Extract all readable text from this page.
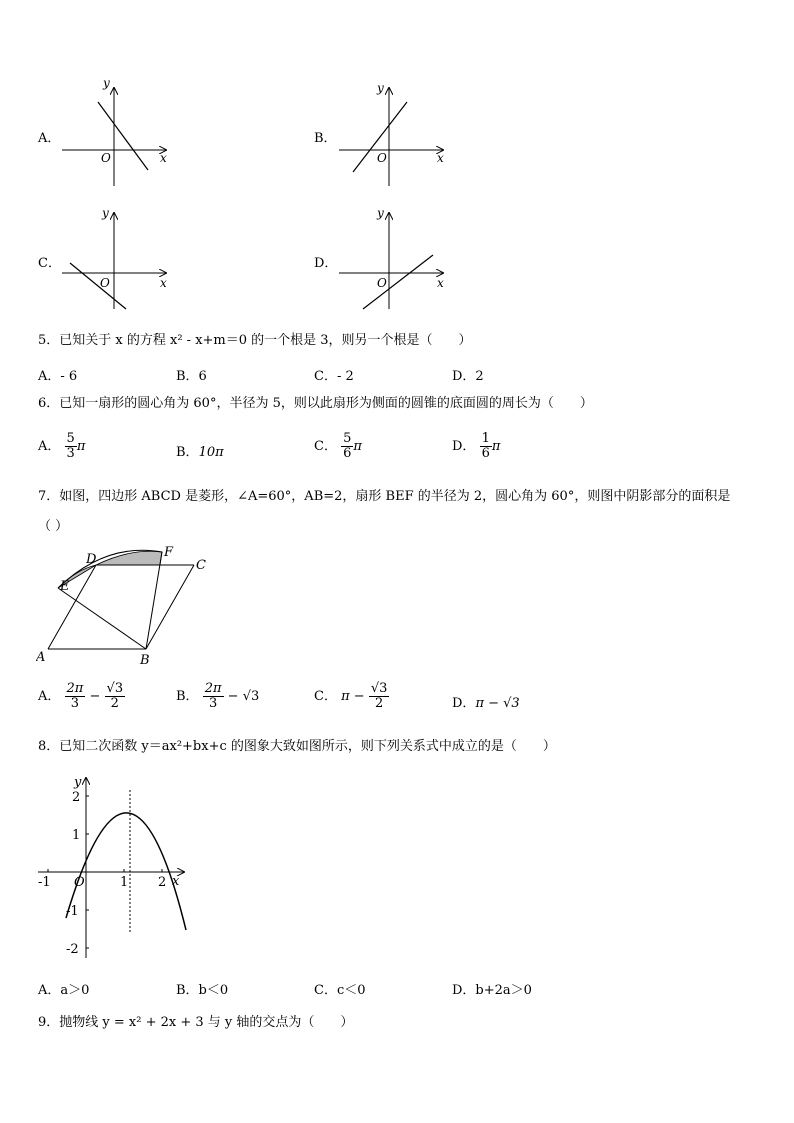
A．
y
x
O
B．
y
x
O
C．
y
x
O
D．
y
x
O
5．已知关于 x 的方程 x² - x+m＝0 的一个根是 3，则另一个根是（　　）
A．- 6	B．6	C．- 2	D．2
6．已知一扇形的圆心角为 60°，半径为 5，则以此扇形为侧面的圆锥的底面圆的周长为（　　）
A． $\frac{5}{3}$ π	B．10π	C． $\frac{5}{6}$ π	D． $\frac{1}{6}$ π
7．如图，四边形 ABCD 是菱形，∠A=60°，AB=2，扇形 BEF 的半径为 2，圆心角为 60°，则图中阴影部分的面积是
（ ）
A	B
C
D
E
F
A． $\frac{2\pi}{3} - \frac{√3}{2}$	B． $\frac{2\pi}{3} - √3$	C． $\pi - \frac{√3}{2}$	D．π − √3
8．已知二次函数 y＝ax²+bx+c 的图象大致如图所示，则下列关系式中成立的是（　　）
y
x
O
-1	1 2
2
1
-1
-2
A．a＞0	B．b＜0	C．c＜0	D．b+2a＞0
9．抛物线 y = x² + 2x + 3 与 y 轴的交点为（　　）
